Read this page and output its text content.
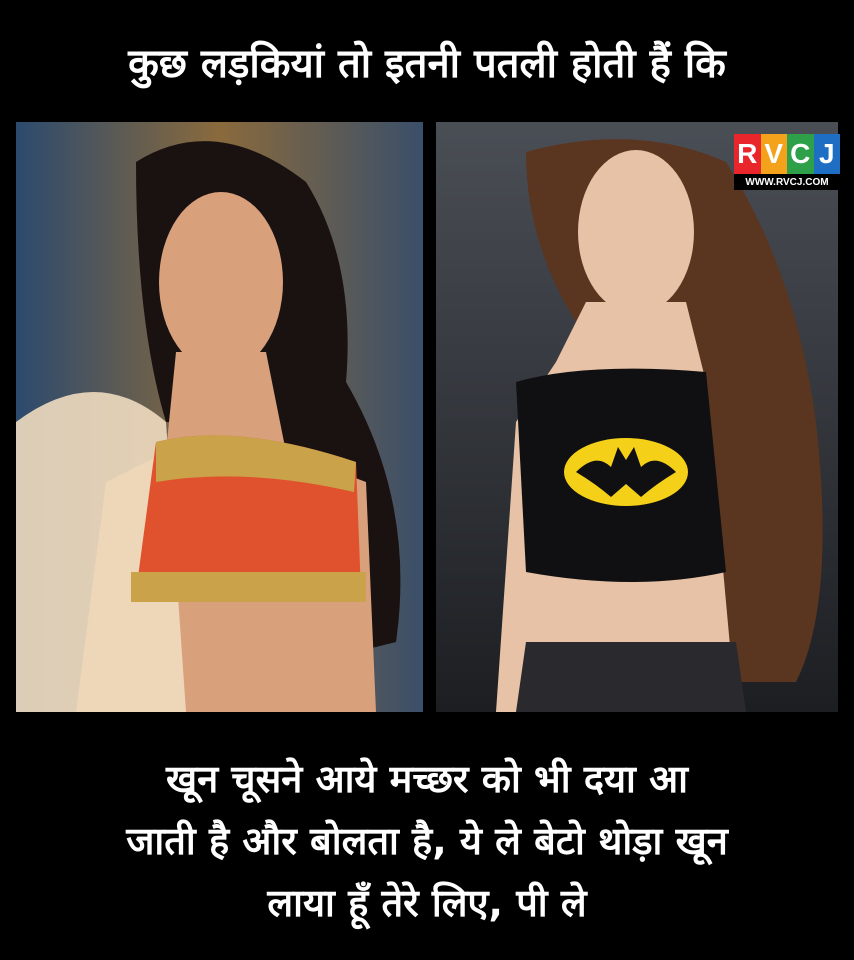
कुछ लड़कियां तो इतनी पतली होती हैं कि
R V C J
WWW.RVCJ.COM
खून चूसने आये मच्छर को भी दया आ
जाती है और बोलता है, ये ले बेटो थोड़ा खून
लाया हूँ तेरे लिए, पी ले
